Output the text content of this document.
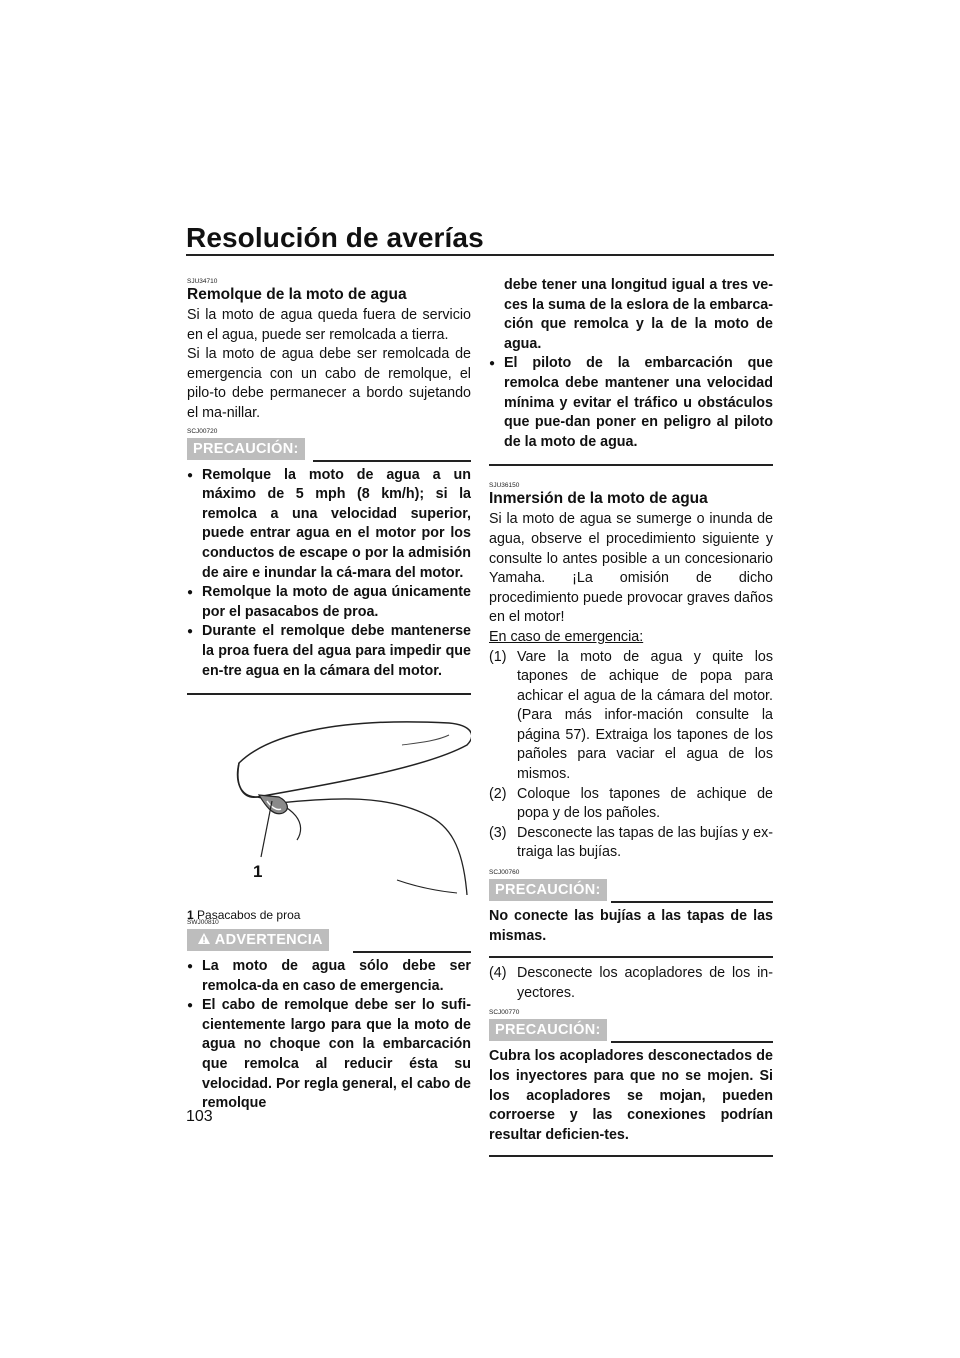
Resolución de averías
103
SJU34710
Remolque de la moto de agua

Si la moto de agua queda fuera de servicio en el agua, puede ser remolcada a tierra.

Si la moto de agua debe ser remolcada de emergencia con un cabo de remolque, el pilo-to debe permanecer a bordo sujetando el ma-nillar.

SCJ00720
PRECAUCIÓN:
● Remolque la moto de agua a un máximo de 5 mph (8 km/h); si la remolca a una velocidad superior, puede entrar agua en el motor por los conductos de escape o por la admisión de aire e inundar la cá-mara del motor.
● Remolque la moto de agua únicamente por el pasacabos de proa.
● Durante el remolque debe mantenerse la proa fuera del agua para impedir que en-tre agua en la cámara del motor.
1
1 Pasacabos de proa
SWJ00810
ADVERTENCIA
● La moto de agua sólo debe ser remolca-da en caso de emergencia.
● El cabo de remolque debe ser lo sufi-cientemente largo para que la moto de agua no choque con la embarcación que remolca al reducir ésta su velocidad. Por regla general, el cabo de remolque
debe tener una longitud igual a tres ve-ces la suma de la eslora de la embarca-ción que remolca y la de la moto de agua.
● El piloto de la embarcación que remolca debe mantener una velocidad mínima y evitar el tráfico u obstáculos que pue-dan poner en peligro al piloto de la moto de agua.
SJU36150
Inmersión de la moto de agua

Si la moto de agua se sumerge o inunda de agua, observe el procedimiento siguiente y consulte lo antes posible a un concesionario Yamaha. ¡La omisión de dicho procedimiento puede provocar graves daños en el motor!

En caso de emergencia:
(1) Vare la moto de agua y quite los tapones de achique de popa para achicar el agua de la cámara del motor. (Para más infor-mación consulte la página 57). Extraiga los tapones de los pañoles para vaciar el agua de los mismos.
(2) Coloque los tapones de achique de popa y de los pañoles.
(3) Desconecte las tapas de las bujías y ex-traiga las bujías.
SCJ00760
PRECAUCIÓN:

No conecte las bujías a las tapas de las mismas.

(4) Desconecte los acopladores de los in-yectores.
SCJ00770
PRECAUCIÓN:

Cubra los acopladores desconectados de los inyectores para que no se mojen. Si los acopladores se mojan, pueden corroerse y las conexiones podrían resultar deficien-tes.
